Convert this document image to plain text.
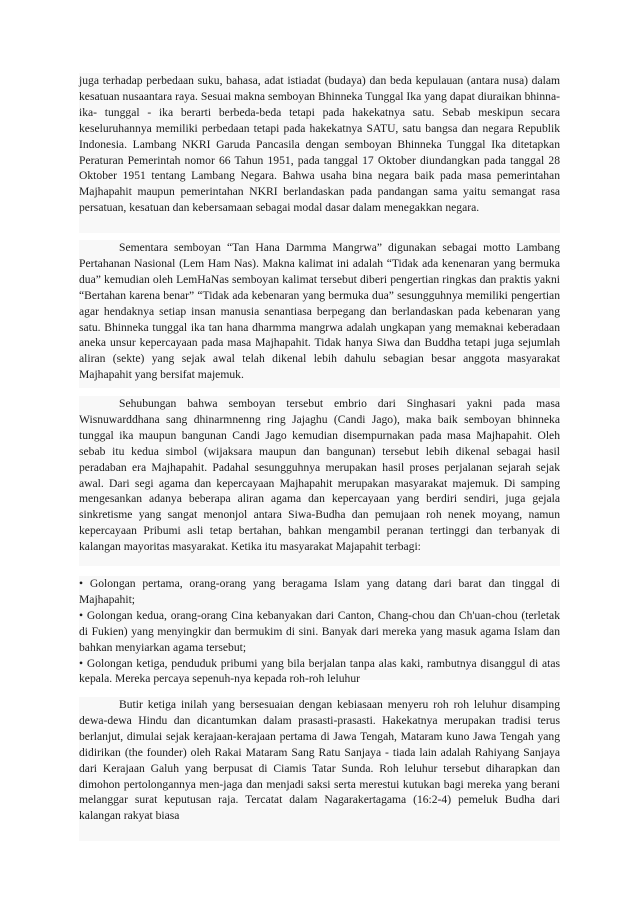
juga terhadap perbedaan suku, bahasa, adat istiadat (budaya) dan beda kepulauan (antara nusa) dalam kesatuan nusaantara raya. Sesuai makna semboyan Bhinneka Tunggal Ika yang dapat diuraikan bhinna-ika- tunggal - ika berarti berbeda-beda tetapi pada hakekatnya satu. Sebab meskipun secara keseluruhannya memiliki perbedaan tetapi pada hakekatnya SATU, satu bangsa dan negara Republik Indonesia. Lambang NKRI Garuda Pancasila dengan semboyan Bhinneka Tunggal Ika ditetapkan Peraturan Pemerintah nomor 66 Tahun 1951, pada tanggal 17 Oktober diundangkan pada tanggal 28 Oktober 1951 tentang Lambang Negara. Bahwa usaha bina negara baik pada masa pemerintahan Majhapahit maupun pemerintahan NKRI berlandaskan pada pandangan sama yaitu semangat rasa persatuan, kesatuan dan kebersamaan sebagai modal dasar dalam menegakkan negara.

Sementara semboyan “Tan Hana Darmma Mangrwa” digunakan sebagai motto Lambang Pertahanan Nasional (Lem Ham Nas). Makna kalimat ini adalah “Tidak ada kenenaran yang bermuka dua” kemudian oleh LemHaNas semboyan kalimat tersebut diberi pengertian ringkas dan praktis yakni “Bertahan karena benar” “Tidak ada kebenaran yang bermuka dua” sesungguhnya memiliki pengertian agar hendaknya setiap insan manusia senantiasa berpegang dan berlandaskan pada kebenaran yang satu. Bhinneka tunggal ika tan hana dharmma mangrwa adalah ungkapan yang memaknai keberadaan aneka unsur kepercayaan pada masa Majhapahit. Tidak hanya Siwa dan Buddha tetapi juga sejumlah aliran (sekte) yang sejak awal telah dikenal lebih dahulu sebagian besar anggota masyarakat Majhapahit yang bersifat majemuk.

Sehubungan bahwa semboyan tersebut embrio dari Singhasari yakni pada masa Wisnuwarddhana sang dhinarmnenng ring Jajaghu (Candi Jago), maka baik semboyan bhinneka tunggal ika maupun bangunan Candi Jago kemudian disempurnakan pada masa Majhapahit. Oleh sebab itu kedua simbol (wijaksara maupun dan bangunan) tersebut lebih dikenal sebagai hasil peradaban era Majhapahit. Padahal sesungguhnya merupakan hasil proses perjalanan sejarah sejak awal. Dari segi agama dan kepercayaan Majhapahit merupakan masyarakat majemuk. Di samping mengesankan adanya beberapa aliran agama dan kepercayaan yang berdiri sendiri, juga gejala sinkretisme yang sangat menonjol antara Siwa-Budha dan pemujaan roh nenek moyang, namun kepercayaan Pribumi asli tetap bertahan, bahkan mengambil peranan tertinggi dan terbanyak di kalangan mayoritas masyarakat. Ketika itu masyarakat Majapahit terbagi:

• Golongan pertama, orang-orang yang beragama Islam yang datang dari barat dan tinggal di Majhapahit;
• Golongan kedua, orang-orang Cina kebanyakan dari Canton, Chang-chou dan Ch'uan-chou (terletak di Fukien) yang menyingkir dan bermukim di sini. Banyak dari mereka yang masuk agama Islam dan bahkan menyiarkan agama tersebut;
• Golongan ketiga, penduduk pribumi yang bila berjalan tanpa alas kaki, rambutnya disanggul di atas kepala. Mereka percaya sepenuh-nya kepada roh-roh leluhur

Butir ketiga inilah yang bersesuaian dengan kebiasaan menyeru roh roh leluhur disamping dewa-dewa Hindu dan dicantumkan dalam prasasti-prasasti. Hakekatnya merupakan tradisi terus berlanjut, dimulai sejak kerajaan-kerajaan pertama di Jawa Tengah, Mataram kuno Jawa Tengah yang didirikan (the founder) oleh Rakai Mataram Sang Ratu Sanjaya - tiada lain adalah Rahiyang Sanjaya dari Kerajaan Galuh yang berpusat di Ciamis Tatar Sunda. Roh leluhur tersebut diharapkan dan dimohon pertolongannya men-jaga dan menjadi saksi serta merestui kutukan bagi mereka yang berani melanggar surat keputusan raja. Tercatat dalam Nagarakertagama (16:2-4) pemeluk Budha dari kalangan rakyat biasa
